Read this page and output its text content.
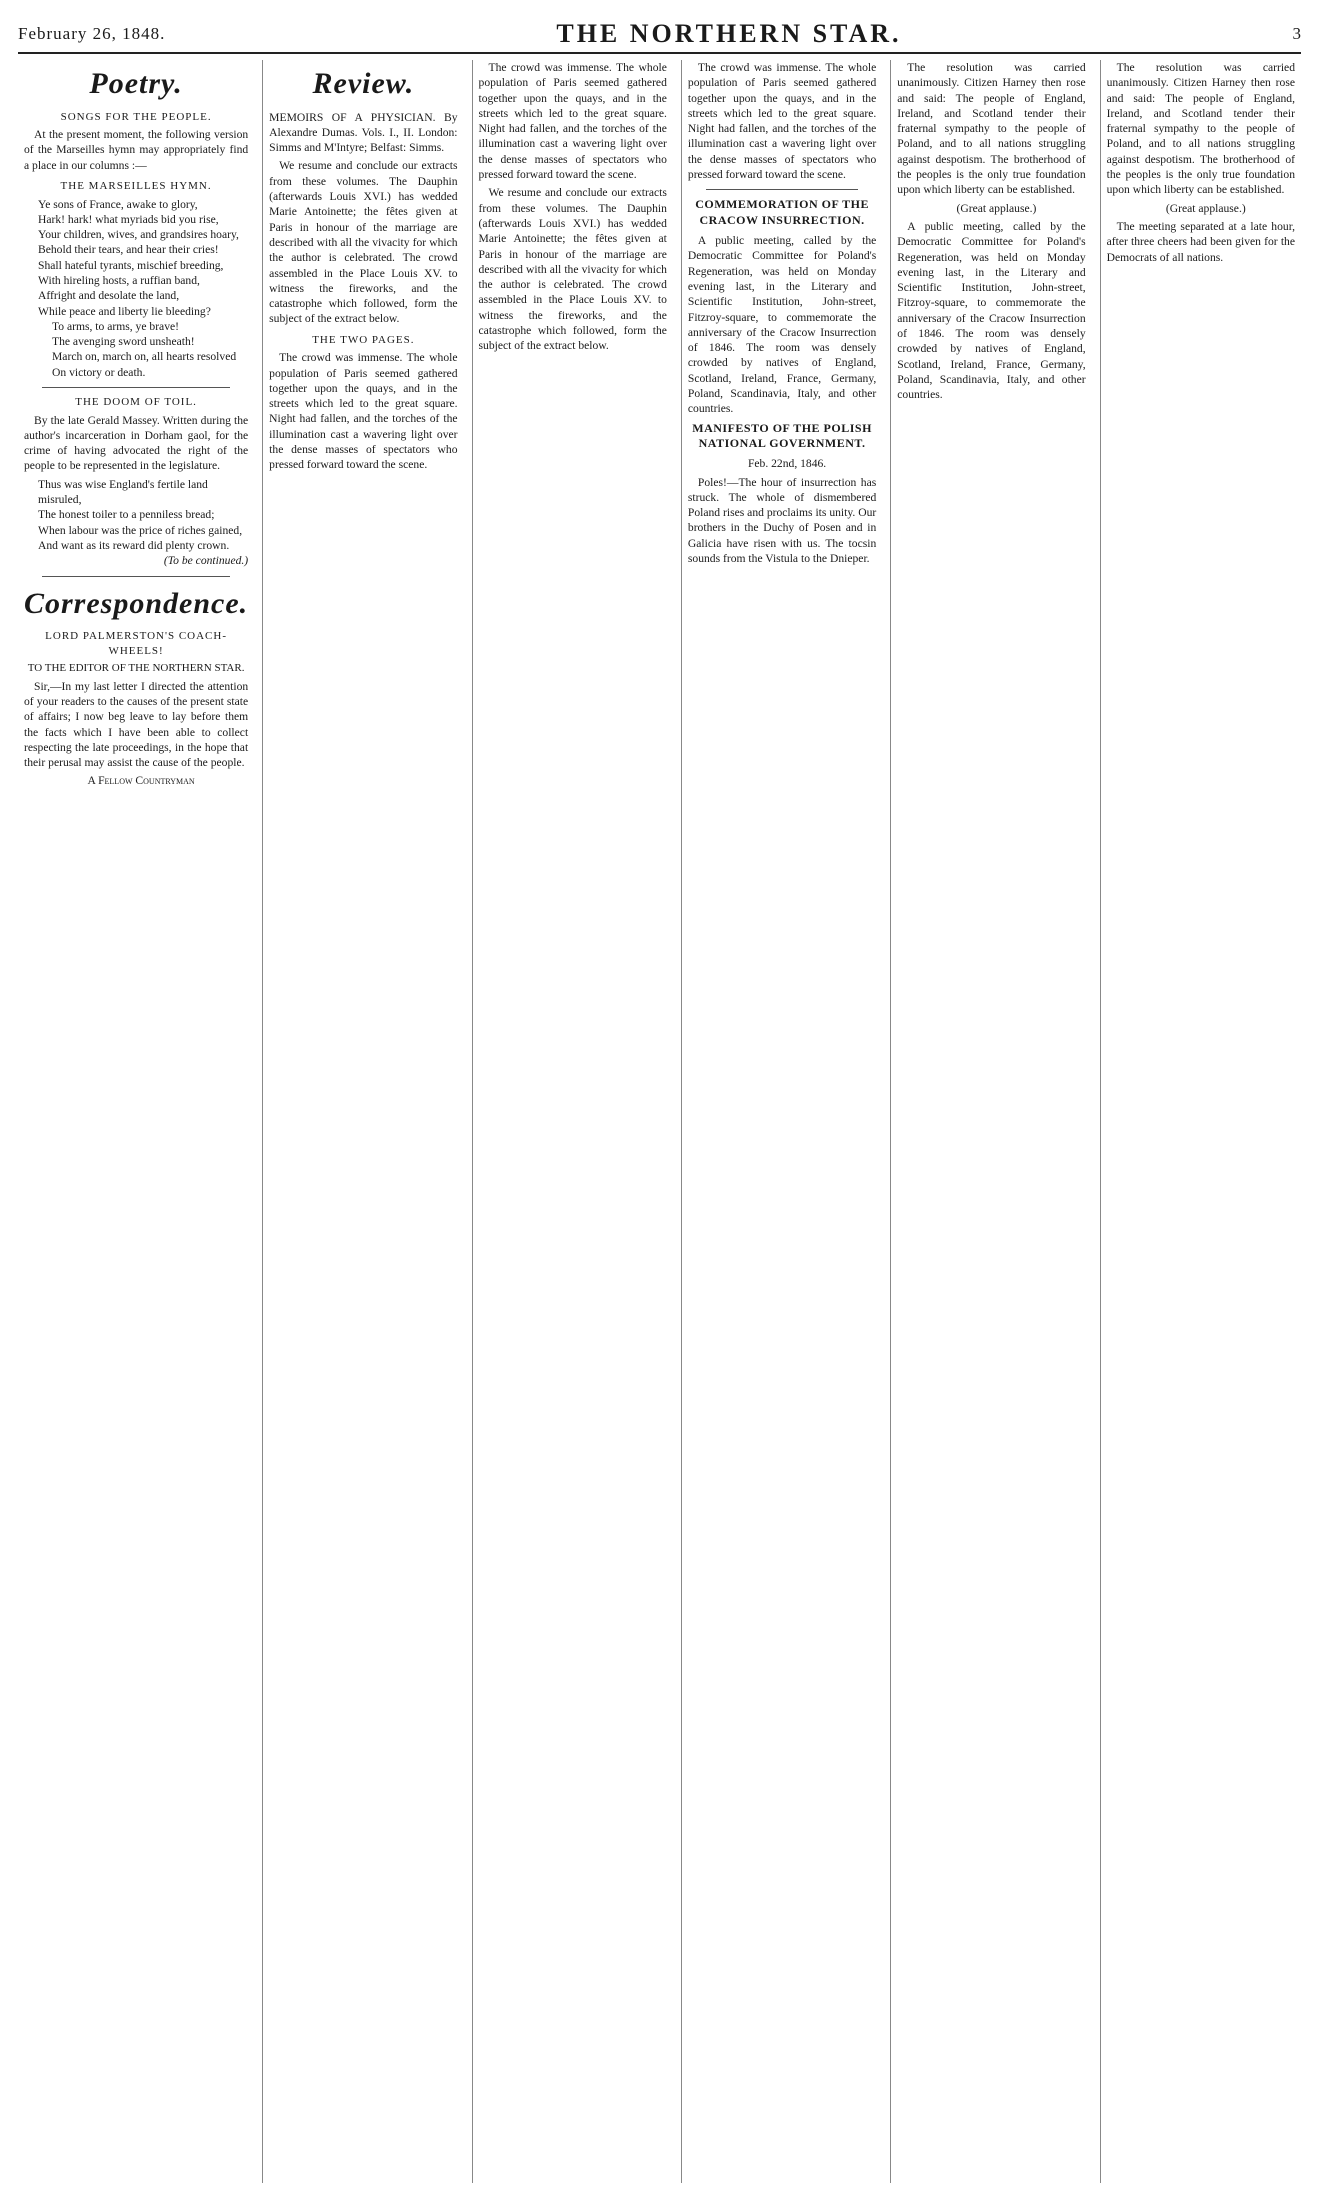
February 26, 1848.	THE NORTHERN STAR.	3
Poetry.
SONGS FOR THE PEOPLE.

At the present moment, the following version of the Marseilles hymn may appropriately find a place in our columns :—

THE MARSEILLES HYMN.
Ye sons of France, awake to glory,
Hark! hark! what myriads bid you rise,
Your children, wives, and grandsires hoary,
Behold their tears, and hear their cries!
Shall hateful tyrants, mischief breeding,
With hireling hosts, a ruffian band,
Affright and desolate the land,
While peace and liberty lie bleeding?
To arms, to arms, ye brave!
The avenging sword unsheath!
March on, march on, all hearts resolved
On victory or death.
THE DOOM OF TOIL.

By the late Gerald Massey. Written during the author's incarceration in Dorham gaol, for the crime of having advocated the right of the people to be represented in the legislature.

Thus was wise England's fertile land misruled,
The honest toiler to a penniless bread;
When labour was the price of riches gained,
And want as its reward did plenty crown.

(To be continued.)

Correspondence.
LORD PALMERSTON'S COACH-WHEELS!
TO THE EDITOR OF THE NORTHERN STAR.

Sir,—In my last letter I directed the attention of your readers to the causes of the present state of affairs; I now beg leave to lay before them the facts which I have been able to collect respecting the late proceedings, in the hope that their perusal may assist the cause of the people.

A Fellow Countryman

Review.

MEMOIRS OF A PHYSICIAN. By Alexandre Dumas. Vols. I., II. London: Simms and M'Intyre; Belfast: Simms.

We resume and conclude our extracts from these volumes. The Dauphin (afterwards Louis XVI.) has wedded Marie Antoinette; the fêtes given at Paris in honour of the marriage are described with all the vivacity for which the author is celebrated. The crowd assembled in the Place Louis XV. to witness the fireworks, and the catastrophe which followed, form the subject of the extract below.

THE TWO PAGES.

The crowd was immense. The whole population of Paris seemed gathered together upon the quays, and in the streets which led to the great square. Night had fallen, and the torches of the illumination cast a wavering light over the dense masses of spectators who pressed forward toward the scene.

The crowd was immense. The whole population of Paris seemed gathered together upon the quays, and in the streets which led to the great square. Night had fallen, and the torches of the illumination cast a wavering light over the dense masses of spectators who pressed forward toward the scene.

We resume and conclude our extracts from these volumes. The Dauphin (afterwards Louis XVI.) has wedded Marie Antoinette; the fêtes given at Paris in honour of the marriage are described with all the vivacity for which the author is celebrated. The crowd assembled in the Place Louis XV. to witness the fireworks, and the catastrophe which followed, form the subject of the extract below.

The crowd was immense. The whole population of Paris seemed gathered together upon the quays, and in the streets which led to the great square. Night had fallen, and the torches of the illumination cast a wavering light over the dense masses of spectators who pressed forward toward the scene.

COMMEMORATION OF THE CRACOW INSURRECTION.

A public meeting, called by the Democratic Committee for Poland's Regeneration, was held on Monday evening last, in the Literary and Scientific Institution, John-street, Fitzroy-square, to commemorate the anniversary of the Cracow Insurrection of 1846. The room was densely crowded by natives of England, Scotland, Ireland, France, Germany, Poland, Scandinavia, Italy, and other countries.

MANIFESTO OF THE POLISH NATIONAL GOVERNMENT.

Feb. 22nd, 1846.

Poles!—The hour of insurrection has struck. The whole of dismembered Poland rises and proclaims its unity. Our brothers in the Duchy of Posen and in Galicia have risen with us. The tocsin sounds from the Vistula to the Dnieper.

The resolution was carried unanimously. Citizen Harney then rose and said: The people of England, Ireland, and Scotland tender their fraternal sympathy to the people of Poland, and to all nations struggling against despotism. The brotherhood of the peoples is the only true foundation upon which liberty can be established.

(Great applause.)

A public meeting, called by the Democratic Committee for Poland's Regeneration, was held on Monday evening last, in the Literary and Scientific Institution, John-street, Fitzroy-square, to commemorate the anniversary of the Cracow Insurrection of 1846. The room was densely crowded by natives of England, Scotland, Ireland, France, Germany, Poland, Scandinavia, Italy, and other countries.

The resolution was carried unanimously. Citizen Harney then rose and said: The people of England, Ireland, and Scotland tender their fraternal sympathy to the people of Poland, and to all nations struggling against despotism. The brotherhood of the peoples is the only true foundation upon which liberty can be established.

(Great applause.)

The meeting separated at a late hour, after three cheers had been given for the Democrats of all nations.
